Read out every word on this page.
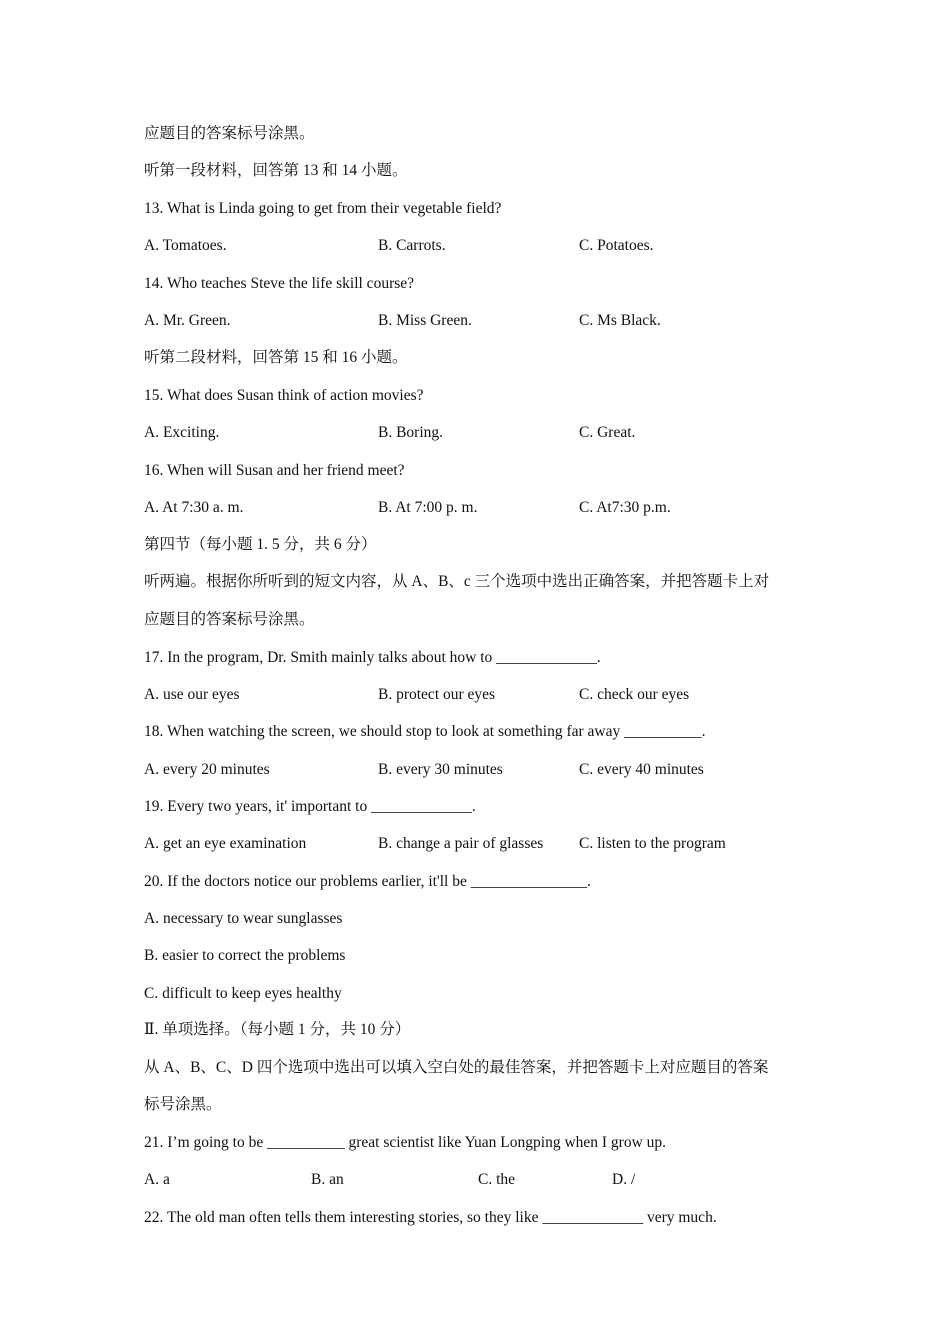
应题目的答案标号涂黑。
听第一段材料，回答第 13 和 14 小题。
13. What is Linda going to get from their vegetable field?
A. Tomatoes.	B. Carrots.	C. Potatoes.
14. Who teaches Steve the life skill course?
A. Mr. Green.	B. Miss Green.	C. Ms Black.
听第二段材料，回答第 15 和 16 小题。
15. What does Susan think of action movies?
A. Exciting.	B. Boring.	C. Great.
16. When will Susan and her friend meet?
A. At 7:30 a. m.	B. At 7:00 p. m.	C. At7:30 p.m.
第四节（每小题 1. 5 分，共 6 分）
听两遍。根据你所听到的短文内容，从 A、B、c 三个选项中选出正确答案，并把答题卡上对
应题目的答案标号涂黑。
17. In the program, Dr. Smith mainly talks about how to _____________.
A. use our eyes	B. protect our eyes	C. check our eyes
18. When watching the screen, we should stop to look at something far away __________.
A. every 20 minutes	B. every 30 minutes	C. every 40 minutes
19. Every two years, it' important to _____________.
A. get an eye examination	B. change a pair of glasses C. listen to the program
20. If the doctors notice our problems earlier, it'll be _______________.
A. necessary to wear sunglasses
B. easier to correct the problems
C. difficult to keep eyes healthy
Ⅱ. 单项选择。（每小题 1 分，共 10 分）
从 A、B、C、D 四个选项中选出可以填入空白处的最佳答案，并把答题卡上对应题目的答案
标号涂黑。
21. I’m going to be __________ great scientist like Yuan Longping when I grow up.
A. a	B. an	C. the	D. /
22. The old man often tells them interesting stories, so they like _____________ very much.
